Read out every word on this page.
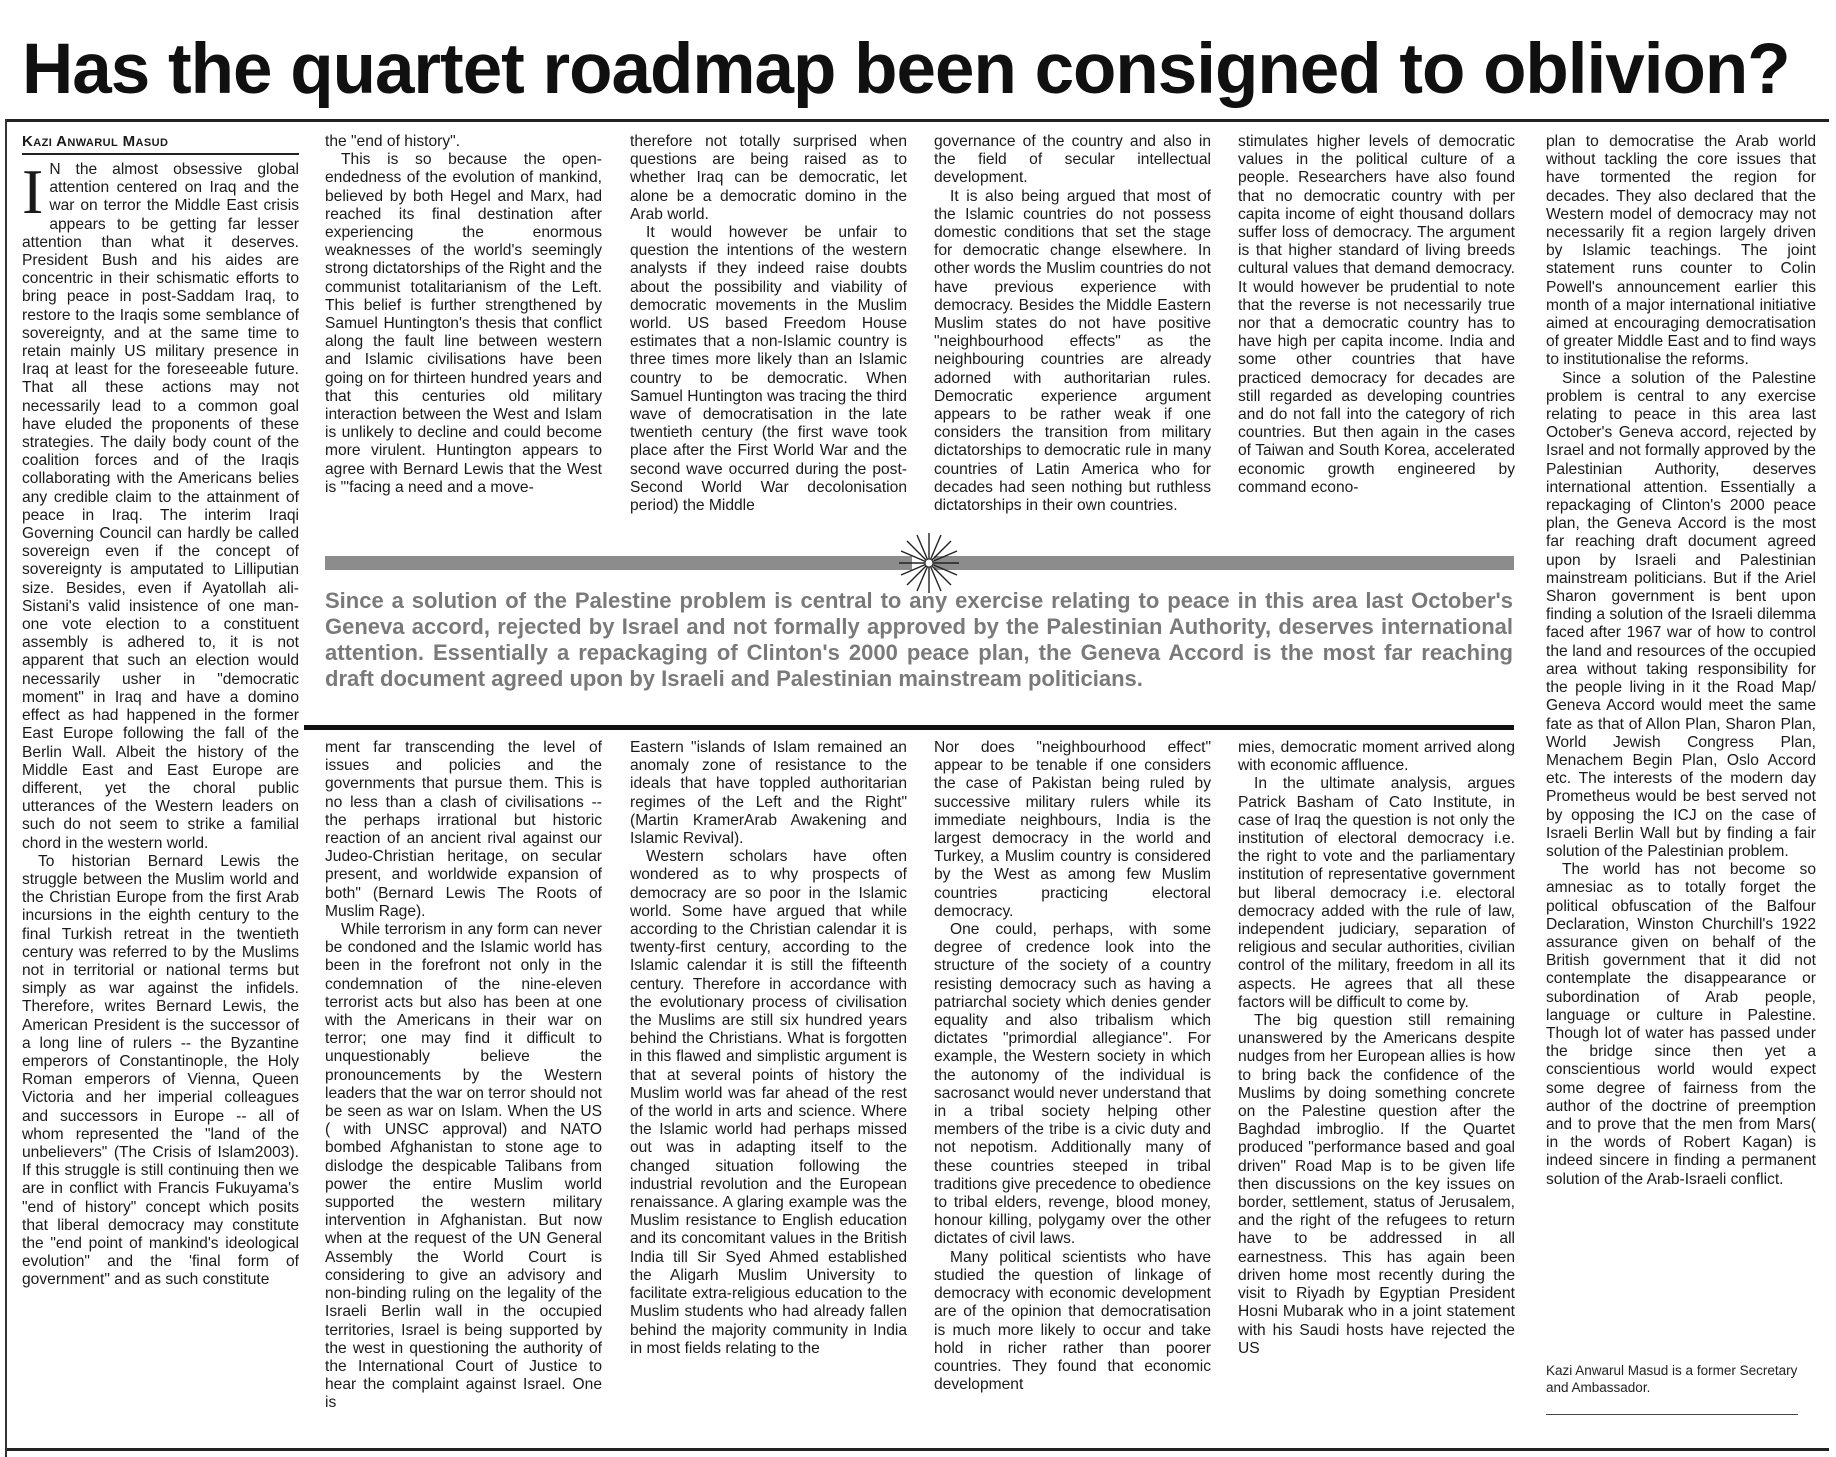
Has the quartet roadmap been consigned to oblivion?
Kazi Anwarul Masud

I N the almost obsessive global attention centered on Iraq and the war on terror the Middle East crisis appears to be getting far lesser attention than what it deserves. President Bush and his aides are concentric in their schismatic efforts to bring peace in post-Saddam Iraq, to restore to the Iraqis some semblance of sovereignty, and at the same time to retain mainly US military presence in Iraq at least for the foreseeable future. That all these actions may not necessarily lead to a common goal have eluded the proponents of these strategies. The daily body count of the coalition forces and of the Iraqis collaborating with the Americans belies any credible claim to the attainment of peace in Iraq. The interim Iraqi Governing Council can hardly be called sovereign even if the concept of sovereignty is amputated to Lilliputian size. Besides, even if Ayatollah ali-Sistani's valid insistence of one man-one vote election to a constituent assembly is adhered to, it is not apparent that such an election would necessarily usher in "democratic moment" in Iraq and have a domino effect as had happened in the former East Europe following the fall of the Berlin Wall. Albeit the history of the Middle East and East Europe are different, yet the choral public utterances of the Western leaders on such do not seem to strike a familial chord in the western world.

To historian Bernard Lewis the struggle between the Muslim world and the Christian Europe from the first Arab incursions in the eighth century to the final Turkish retreat in the twentieth century was referred to by the Muslims not in territorial or national terms but simply as war against the infidels. Therefore, writes Bernard Lewis, the American President is the successor of a long line of rulers -- the Byzantine emperors of Constantinople, the Holy Roman emperors of Vienna, Queen Victoria and her imperial colleagues and successors in Europe -- all of whom represented the "land of the unbelievers" (The Crisis of Islam2003). If this struggle is still continuing then we are in conflict with Francis Fukuyama's "end of history" concept which posits that liberal democracy may constitute the "end point of mankind's ideological evolution" and the 'final form of government" and as such constitute

the "end of history".

This is so because the open-endedness of the evolution of mankind, believed by both Hegel and Marx, had reached its final destination after experiencing the enormous weaknesses of the world's seemingly strong dictatorships of the Right and the communist totalitarianism of the Left. This belief is further strengthened by Samuel Huntington's thesis that conflict along the fault line between western and Islamic civilisations have been going on for thirteen hundred years and that this centuries old military interaction between the West and Islam is unlikely to decline and could become more virulent. Huntington appears to agree with Bernard Lewis that the West is "'facing a need and a move-

therefore not totally surprised when questions are being raised as to whether Iraq can be democratic, let alone be a democratic domino in the Arab world.

It would however be unfair to question the intentions of the western analysts if they indeed raise doubts about the possibility and viability of democratic movements in the Muslim world. US based Freedom House estimates that a non-Islamic country is three times more likely than an Islamic country to be democratic. When Samuel Huntington was tracing the third wave of democratisation in the late twentieth century (the first wave took place after the First World War and the second wave occurred during the post-Second World War decolonisation period) the Middle

governance of the country and also in the field of secular intellectual development.

It is also being argued that most of the Islamic countries do not possess domestic conditions that set the stage for democratic change elsewhere. In other words the Muslim countries do not have previous experience with democracy. Besides the Middle Eastern Muslim states do not have positive "neighbourhood effects" as the neighbouring countries are already adorned with authoritarian rules. Democratic experience argument appears to be rather weak if one considers the transition from military dictatorships to democratic rule in many countries of Latin America who for decades had seen nothing but ruthless dictatorships in their own countries.

stimulates higher levels of democratic values in the political culture of a people. Researchers have also found that no democratic country with per capita income of eight thousand dollars suffer loss of democracy. The argument is that higher standard of living breeds cultural values that demand democracy. It would however be prudential to note that the reverse is not necessarily true nor that a democratic country has to have high per capita income. India and some other countries that have practiced democracy for decades are still regarded as developing countries and do not fall into the category of rich countries. But then again in the cases of Taiwan and South Korea, accelerated economic growth engineered by command econo-

Since a solution of the Palestine problem is central to any exercise relating to peace in this area last October's Geneva accord, rejected by Israel and not formally approved by the Palestinian Authority, deserves international attention. Essentially a repackaging of Clinton's 2000 peace plan, the Geneva Accord is the most far reaching draft document agreed upon by Israeli and Palestinian mainstream politicians.

ment far transcending the level of issues and policies and the governments that pursue them. This is no less than a clash of civilisations -- the perhaps irrational but historic reaction of an ancient rival against our Judeo-Christian heritage, on secular present, and worldwide expansion of both" (Bernard Lewis The Roots of Muslim Rage).

While terrorism in any form can never be condoned and the Islamic world has been in the forefront not only in the condemnation of the nine-eleven terrorist acts but also has been at one with the Americans in their war on terror; one may find it difficult to unquestionably believe the pronouncements by the Western leaders that the war on terror should not be seen as war on Islam. When the US ( with UNSC approval) and NATO bombed Afghanistan to stone age to dislodge the despicable Talibans from power the entire Muslim world supported the western military intervention in Afghanistan. But now when at the request of the UN General Assembly the World Court is considering to give an advisory and non-binding ruling on the legality of the Israeli Berlin wall in the occupied territories, Israel is being supported by the west in questioning the authority of the International Court of Justice to hear the complaint against Israel. One is

Eastern "islands of Islam remained an anomaly zone of resistance to the ideals that have toppled authoritarian regimes of the Left and the Right" (Martin KramerArab Awakening and Islamic Revival).

Western scholars have often wondered as to why prospects of democracy are so poor in the Islamic world. Some have argued that while according to the Christian calendar it is twenty-first century, according to the Islamic calendar it is still the fifteenth century. Therefore in accordance with the evolutionary process of civilisation the Muslims are still six hundred years behind the Christians. What is forgotten in this flawed and simplistic argument is that at several points of history the Muslim world was far ahead of the rest of the world in arts and science. Where the Islamic world had perhaps missed out was in adapting itself to the changed situation following the industrial revolution and the European renaissance. A glaring example was the Muslim resistance to English education and its concomitant values in the British India till Sir Syed Ahmed established the Aligarh Muslim University to facilitate extra-religious education to the Muslim students who had already fallen behind the majority community in India in most fields relating to the

Nor does "neighbourhood effect" appear to be tenable if one considers the case of Pakistan being ruled by successive military rulers while its immediate neighbours, India is the largest democracy in the world and Turkey, a Muslim country is considered by the West as among few Muslim countries practicing electoral democracy.

One could, perhaps, with some degree of credence look into the structure of the society of a country resisting democracy such as having a patriarchal society which denies gender equality and also tribalism which dictates "primordial allegiance". For example, the Western society in which the autonomy of the individual is sacrosanct would never understand that in a tribal society helping other members of the tribe is a civic duty and not nepotism. Additionally many of these countries steeped in tribal traditions give precedence to obedience to tribal elders, revenge, blood money, honour killing, polygamy over the other dictates of civil laws.

Many political scientists who have studied the question of linkage of democracy with economic development are of the opinion that democratisation is much more likely to occur and take hold in richer rather than poorer countries. They found that economic development

mies, democratic moment arrived along with economic affluence.

In the ultimate analysis, argues Patrick Basham of Cato Institute, in case of Iraq the question is not only the institution of electoral democracy i.e. the right to vote and the parliamentary institution of representative government but liberal democracy i.e. electoral democracy added with the rule of law, independent judiciary, separation of religious and secular authorities, civilian control of the military, freedom in all its aspects. He agrees that all these factors will be difficult to come by.

The big question still remaining unanswered by the Americans despite nudges from her European allies is how to bring back the confidence of the Muslims by doing something concrete on the Palestine question after the Baghdad imbroglio. If the Quartet produced "performance based and goal driven" Road Map is to be given life then discussions on the key issues on border, settlement, status of Jerusalem, and the right of the refugees to return have to be addressed in all earnestness. This has again been driven home most recently during the visit to Riyadh by Egyptian President Hosni Mubarak who in a joint statement with his Saudi hosts have rejected the US

plan to democratise the Arab world without tackling the core issues that have tormented the region for decades. They also declared that the Western model of democracy may not necessarily fit a region largely driven by Islamic teachings. The joint statement runs counter to Colin Powell's announcement earlier this month of a major international initiative aimed at encouraging democratisation of greater Middle East and to find ways to institutionalise the reforms.

Since a solution of the Palestine problem is central to any exercise relating to peace in this area last October's Geneva accord, rejected by Israel and not formally approved by the Palestinian Authority, deserves international attention. Essentially a repackaging of Clinton's 2000 peace plan, the Geneva Accord is the most far reaching draft document agreed upon by Israeli and Palestinian mainstream politicians. But if the Ariel Sharon government is bent upon finding a solution of the Israeli dilemma faced after 1967 war of how to control the land and resources of the occupied area without taking responsibility for the people living in it the Road Map/ Geneva Accord would meet the same fate as that of Allon Plan, Sharon Plan, World Jewish Congress Plan, Menachem Begin Plan, Oslo Accord etc. The interests of the modern day Prometheus would be best served not by opposing the ICJ on the case of Israeli Berlin Wall but by finding a fair solution of the Palestinian problem.

The world has not become so amnesiac as to totally forget the political obfuscation of the Balfour Declaration, Winston Churchill's 1922 assurance given on behalf of the British government that it did not contemplate the disappearance or subordination of Arab people, language or culture in Palestine. Though lot of water has passed under the bridge since then yet a conscientious world would expect some degree of fairness from the author of the doctrine of preemption and to prove that the men from Mars( in the words of Robert Kagan) is indeed sincere in finding a permanent solution of the Arab-Israeli conflict.

Kazi Anwarul Masud is a former Secretary and Ambassador.
